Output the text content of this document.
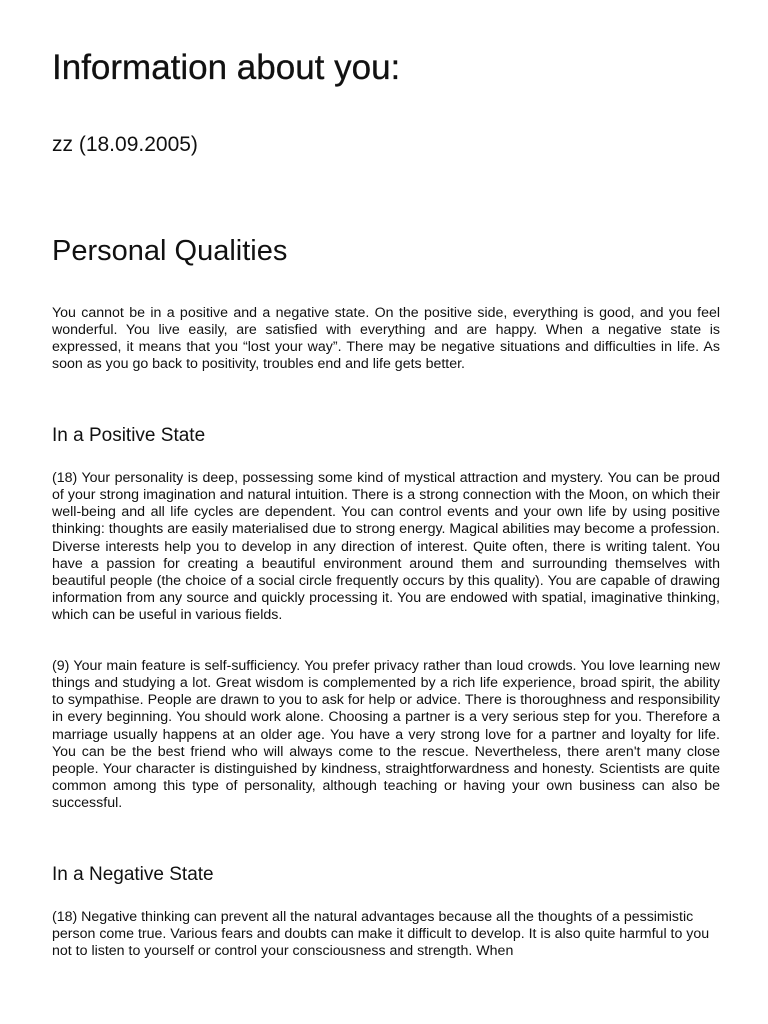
Information about you:
zz (18.09.2005)
Personal Qualities

You cannot be in a positive and a negative state. On the positive side, everything is good, and you feel wonderful. You live easily, are satisfied with everything and are happy. When a negative state is expressed, it means that you “lost your way”. There may be negative situations and difficulties in life. As soon as you go back to positivity, troubles end and life gets better.

In a Positive State

(18) Your personality is deep, possessing some kind of mystical attraction and mystery. You can be proud of your strong imagination and natural intuition. There is a strong connection with the Moon, on which their well-being and all life cycles are dependent. You can control events and your own life by using positive thinking: thoughts are easily materialised due to strong energy. Magical abilities may become a profession. Diverse interests help you to develop in any direction of interest. Quite often, there is writing talent. You have a passion for creating a beautiful environment around them and surrounding themselves with beautiful people (the choice of a social circle frequently occurs by this quality). You are capable of drawing information from any source and quickly processing it. You are endowed with spatial, imaginative thinking, which can be useful in various fields.

(9) Your main feature is self-sufficiency. You prefer privacy rather than loud crowds. You love learning new things and studying a lot. Great wisdom is complemented by a rich life experience, broad spirit, the ability to sympathise. People are drawn to you to ask for help or advice. There is thoroughness and responsibility in every beginning. You should work alone. Choosing a partner is a very serious step for you. Therefore a marriage usually happens at an older age. You have a very strong love for a partner and loyalty for life. You can be the best friend who will always come to the rescue. Nevertheless, there aren't many close people. Your character is distinguished by kindness, straightforwardness and honesty. Scientists are quite common among this type of personality, although teaching or having your own business can also be successful.

In a Negative State

(18) Negative thinking can prevent all the natural advantages because all the thoughts of a pessimistic person come true. Various fears and doubts can make it difficult to develop. It is also quite harmful to you not to listen to yourself or control your consciousness and strength. When
